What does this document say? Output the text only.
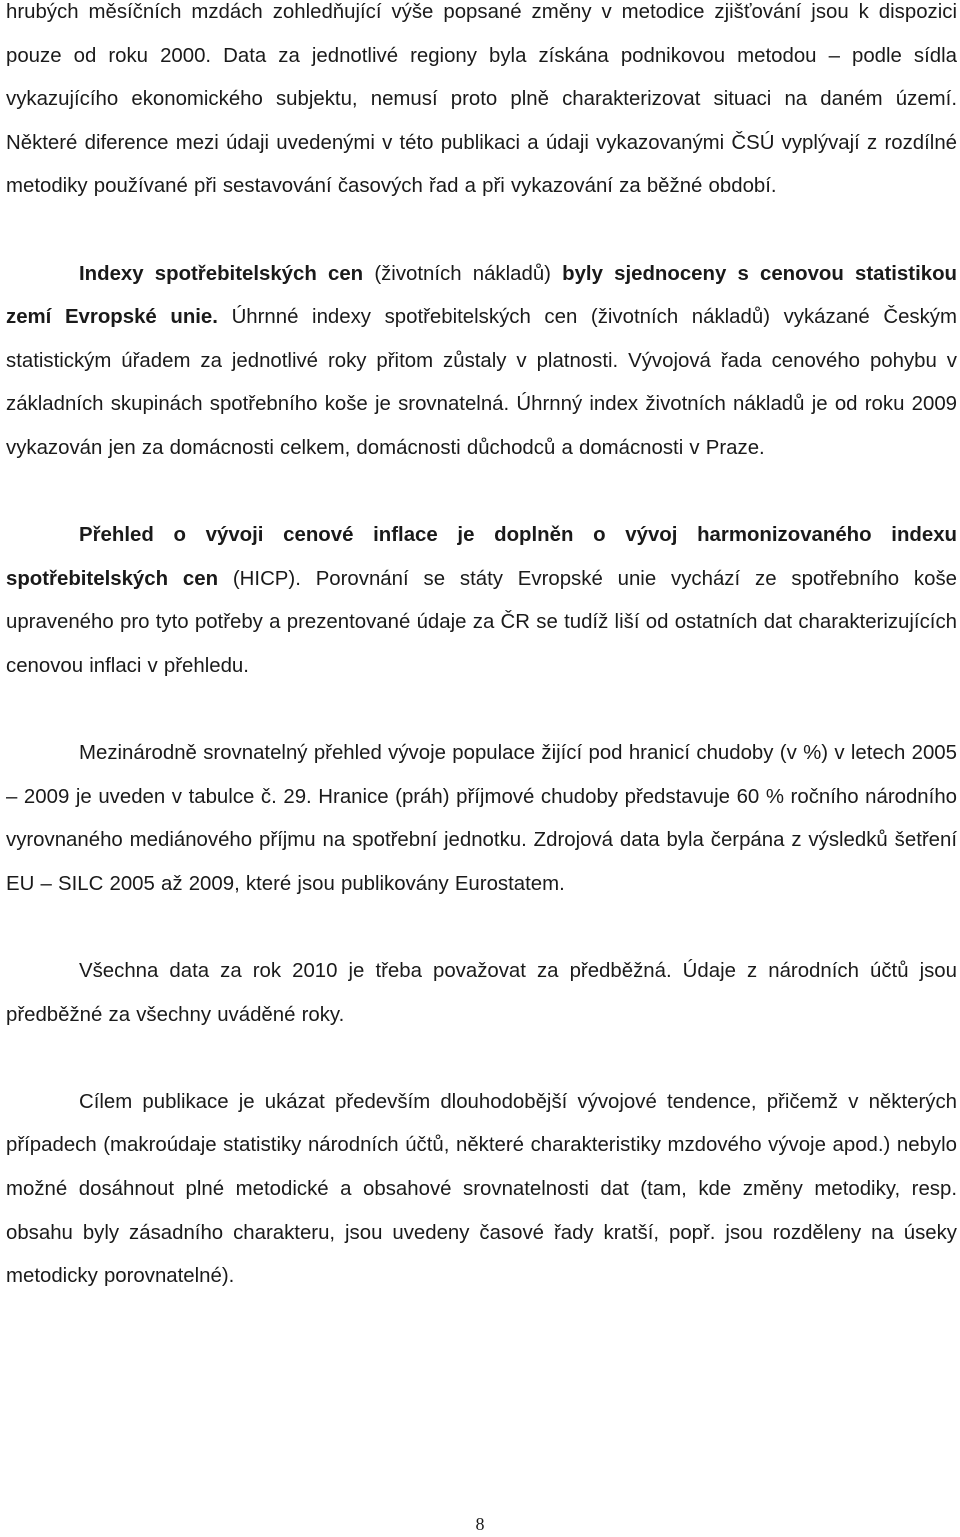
hrubých měsíčních mzdách zohledňující výše popsané změny v metodice zjišťování jsou k dispozici pouze od roku 2000. Data za jednotlivé regiony byla získána podnikovou metodou – podle sídla vykazujícího ekonomického subjektu, nemusí proto plně charakterizovat situaci na daném území. Některé diference mezi údaji uvedenými v této publikaci a údaji vykazovanými ČSÚ vyplývají z rozdílné metodiky používané při sestavování časových řad a při vykazování za běžné období.

Indexy spotřebitelských cen (životních nákladů) byly sjednoceny s cenovou statistikou zemí Evropské unie. Úhrnné indexy spotřebitelských cen (životních nákladů) vykázané Českým statistickým úřadem za jednotlivé roky přitom zůstaly v platnosti. Vývojová řada cenového pohybu v základních skupinách spotřebního koše je srovnatelná. Úhrnný index životních nákladů je od roku 2009 vykazován jen za domácnosti celkem, domácnosti důchodců a domácnosti v Praze.

Přehled o vývoji cenové inflace je doplněn o vývoj harmonizovaného indexu spotřebitelských cen (HICP). Porovnání se státy Evropské unie vychází ze spotřebního koše upraveného pro tyto potřeby a prezentované údaje za ČR se tudíž liší od ostatních dat charakterizujících cenovou inflaci v přehledu.

Mezinárodně srovnatelný přehled vývoje populace žijící pod hranicí chudoby (v %) v letech 2005 – 2009 je uveden v tabulce č. 29. Hranice (práh) příjmové chudoby představuje 60 % ročního národního vyrovnaného mediánového příjmu na spotřební jednotku. Zdrojová data byla čerpána z výsledků šetření EU – SILC 2005 až 2009, které jsou publikovány Eurostatem.

Všechna data za rok 2010 je třeba považovat za předběžná. Údaje z národních účtů jsou předběžné za všechny uváděné roky.

Cílem publikace je ukázat především dlouhodobější vývojové tendence, přičemž v některých případech (makroúdaje statistiky národních účtů, některé charakteristiky mzdového vývoje apod.) nebylo možné dosáhnout plné metodické a obsahové srovnatelnosti dat (tam, kde změny metodiky, resp. obsahu byly zásadního charakteru, jsou uvedeny časové řady kratší, popř. jsou rozděleny na úseky metodicky porovnatelné).

8
